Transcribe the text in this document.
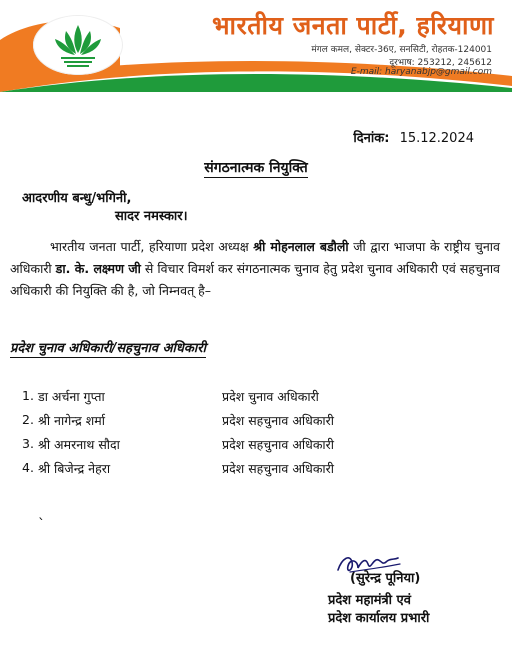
भारतीय जनता पार्टी, हरियाणा
मंगल कमल, सेक्टर-36ए, सनसिटी, रोहतक-124001
दूरभाष: 253212, 245612
E-mail: haryanabjp@gmail.com
दिनांक: 15.12.2024
संगठनात्मक नियुक्ति
आदरणीय बन्धु/भगिनी,
सादर नमस्कार।
भारतीय जनता पार्टी, हरियाणा प्रदेश अध्यक्ष श्री मोहनलाल बडौली जी द्वारा भाजपा के राष्ट्रीय चुनाव अधिकारी डा. के. लक्ष्मण जी से विचार विमर्श कर संगठनात्मक चुनाव हेतु प्रदेश चुनाव अधिकारी एवं सहचुनाव अधिकारी की नियुक्ति की है, जो निम्नवत् है–
प्रदेश चुनाव अधिकारी/सहचुनाव अधिकारी
1. डा अर्चना गुप्ता	प्रदेश चुनाव अधिकारी
2. श्री नागेन्द्र शर्मा	प्रदेश सहचुनाव अधिकारी
3. श्री अमरनाथ सौदा	प्रदेश सहचुनाव अधिकारी
4. श्री बिजेन्द्र नेहरा	प्रदेश सहचुनाव अधिकारी
`
(सुरेन्द्र पूनिया)
प्रदेश महामंत्री एवं
प्रदेश कार्यालय प्रभारी
